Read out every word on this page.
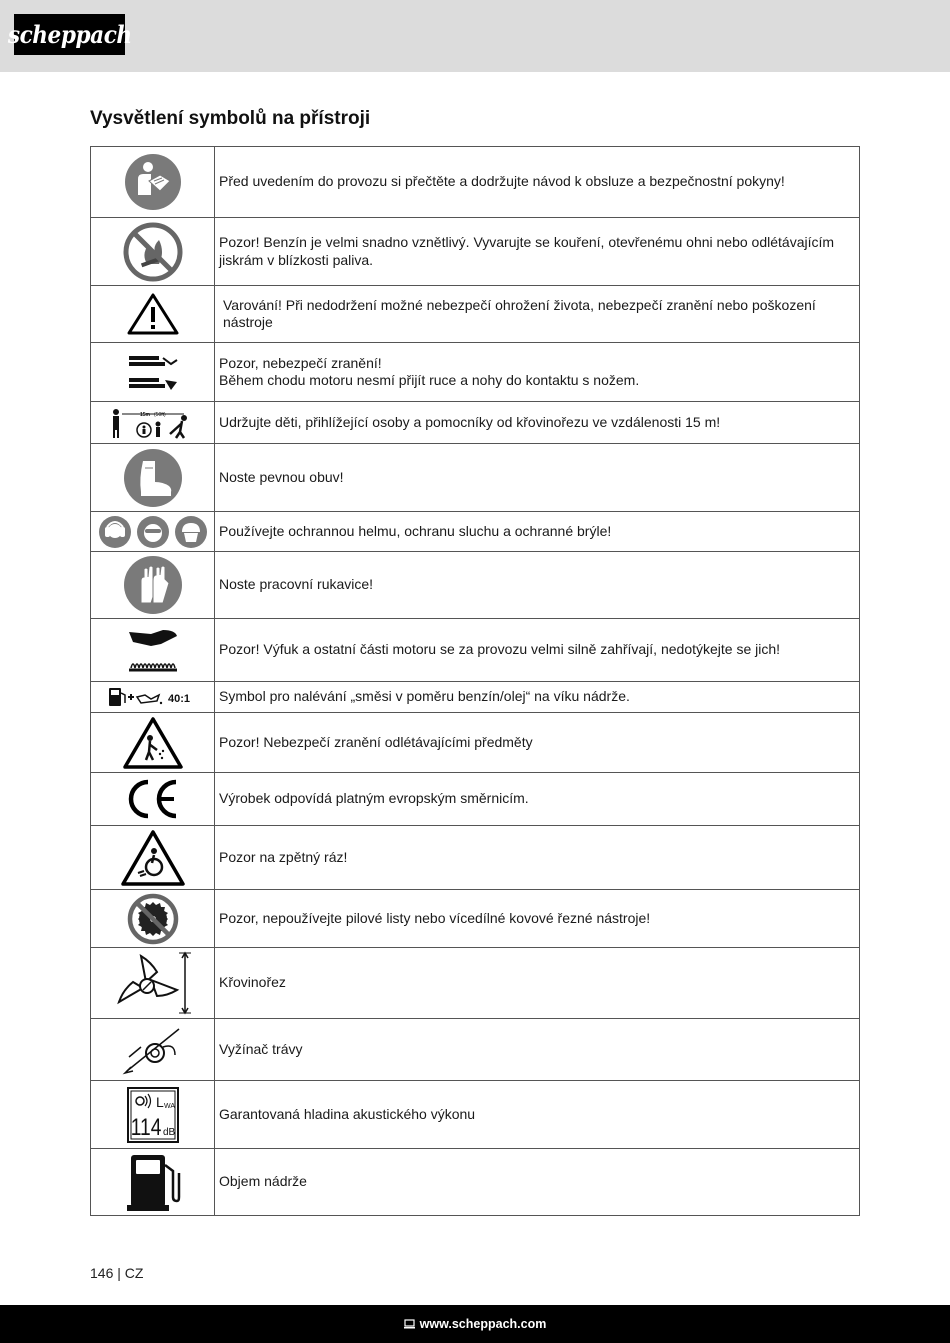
scheppach
Vysvětlení symbolů na přístroji

Před uvedením do provozu si přečtěte a dodržujte návod k obsluze a bezpečnostní pokyny!

Pozor! Benzín je velmi snadno vznětlivý. Vyvarujte se kouření, otevřenému ohni nebo odlétávajícím jiskrám v blízkosti paliva.

Varování! Při nedodržení možné nebezpečí ohrožení života, nebezpečí zranění nebo poškození nástroje

Pozor, nebezpečí zranění!
Během chodu motoru nesmí přijít ruce a nohy do kontaktu s nožem.

15m (50ft)	Udržujte děti, přihlížející osoby a pomocníky od křovinořezu ve vzdálenosti 15 m!

Noste pevnou obuv!

Používejte ochrannou helmu, ochranu sluchu a ochranné brýle!

Noste pracovní rukavice!

Pozor! Výfuk a ostatní části motoru se za provozu velmi silně zahřívají, nedotýkejte se jich!

40:1	Symbol pro nalévání „směsi v poměru benzín/olej“ na víku nádrže.

Pozor! Nebezpečí zranění odlétávajícími předměty

Výrobek odpovídá platným evropským směrnicím.

Pozor na zpětný ráz!

Pozor, nepoužívejte pilové listy nebo vícedílné kovové řezné nástroje!

Křovinořez

Vyžínač trávy

L WA
114 dB	Garantovaná hladina akustického výkonu

Objem nádrže
146 | CZ
www.scheppach.com
